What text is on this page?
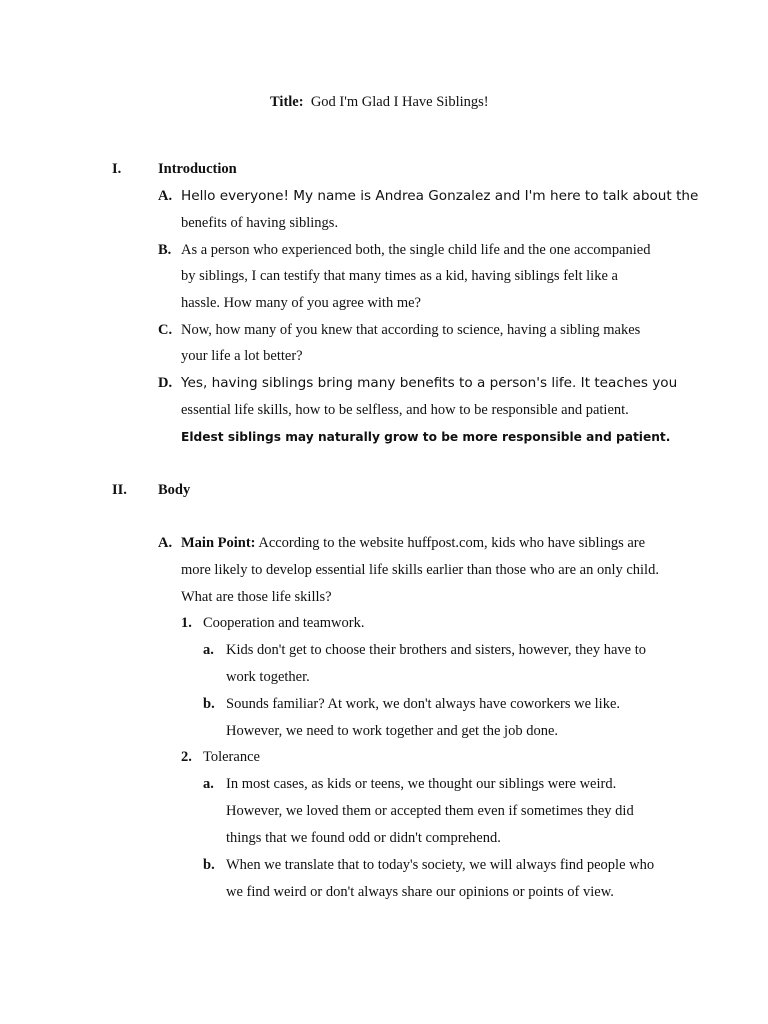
Title: God I'm Glad I Have Siblings!
I.	Introduction
A. Hello everyone! My name is Andrea Gonzalez and I'm here to talk about the
benefits of having siblings.
B. As a person who experienced both, the single child life and the one accompanied
by siblings, I can testify that many times as a kid, having siblings felt like a
hassle. How many of you agree with me?
C. Now, how many of you knew that according to science, having a sibling makes
your life a lot better?
D. Yes, having siblings bring many benefits to a person's life. It teaches you
essential life skills, how to be selfless, and how to be responsible and patient.
Eldest siblings may naturally grow to be more responsible and patient.
II. Body
A. Main Point: According to the website huffpost.com, kids who have siblings are
more likely to develop essential life skills earlier than those who are an only child.
What are those life skills?
1. Cooperation and teamwork.
a. Kids don't get to choose their brothers and sisters, however, they have to
work together.
b. Sounds familiar? At work, we don't always have coworkers we like.
However, we need to work together and get the job done.
2. Tolerance
a. In most cases, as kids or teens, we thought our siblings were weird.
However, we loved them or accepted them even if sometimes they did
things that we found odd or didn't comprehend.
b. When we translate that to today's society, we will always find people who
we find weird or don't always share our opinions or points of view.
